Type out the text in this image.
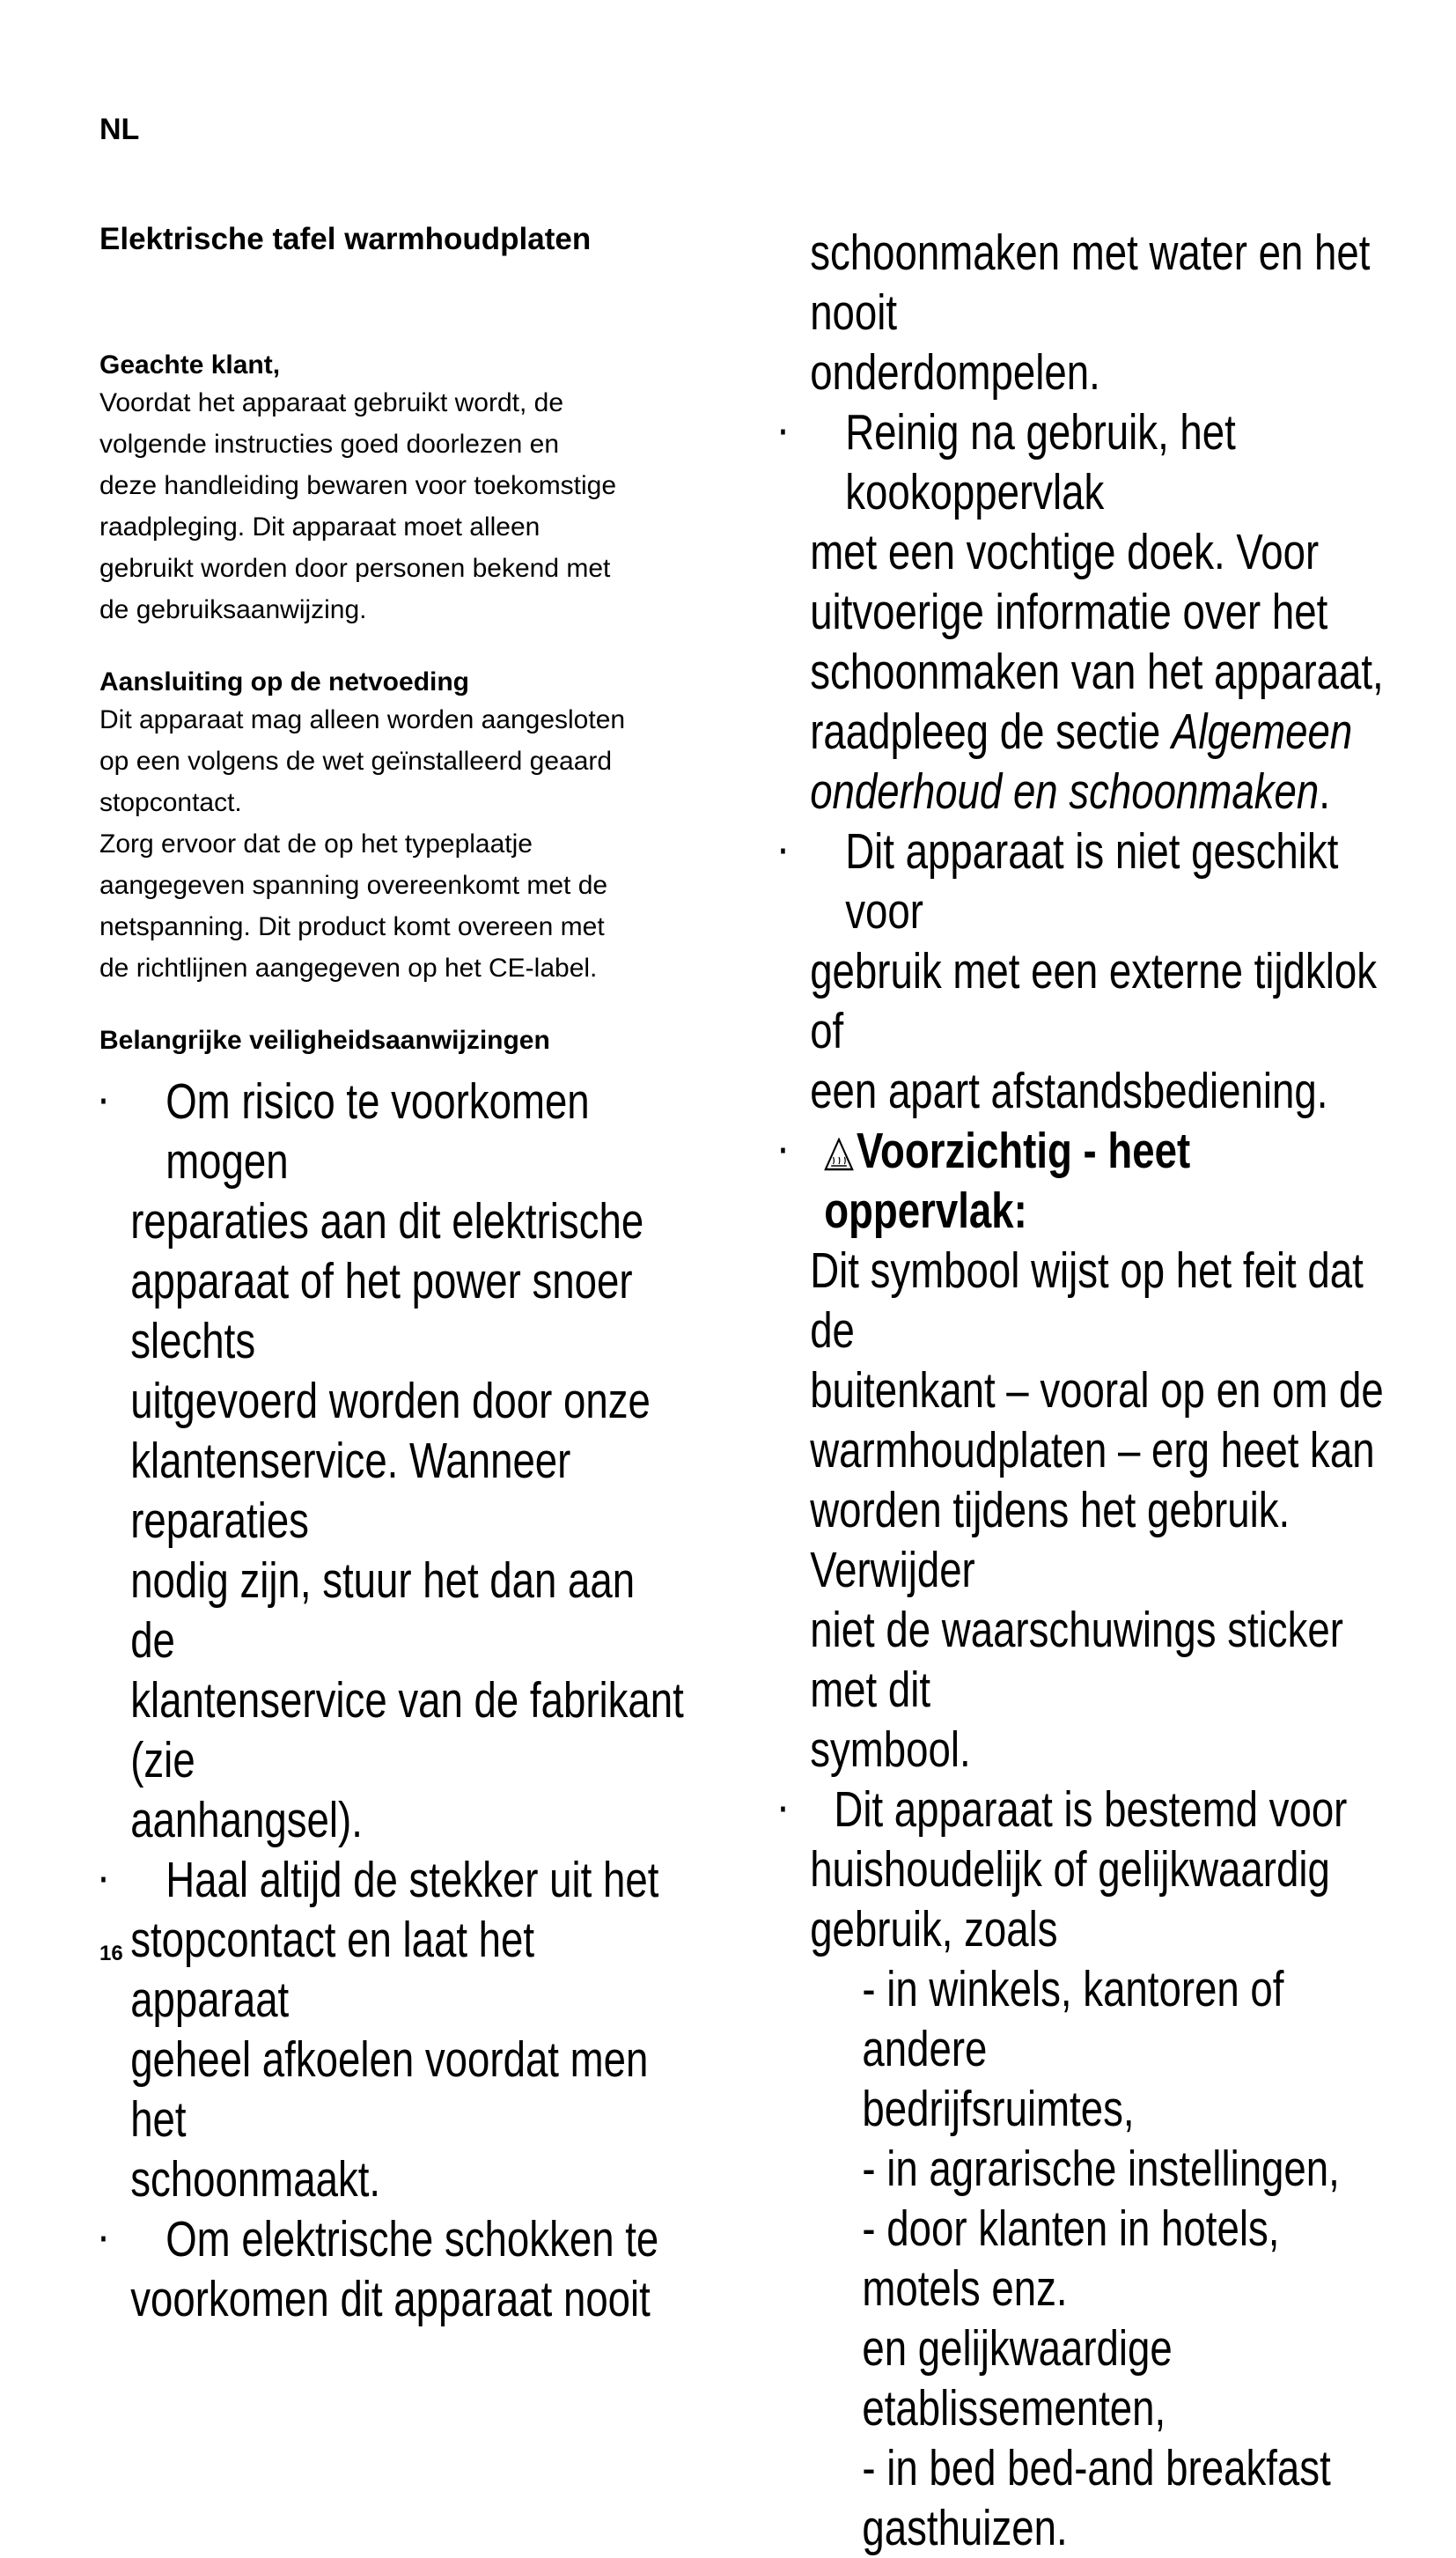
NL
Elektrische tafel warmhoudplaten

Geachte klant,

Voordat het apparaat gebruikt wordt, de

volgende instructies goed doorlezen en

deze handleiding bewaren voor toekomstige

raadpleging. Dit apparaat moet alleen

gebruikt worden door personen bekend met

de gebruiksaanwijzing.

Aansluiting op de netvoeding

Dit apparaat mag alleen worden aangesloten

op een volgens de wet geïnstalleerd geaard

stopcontact.

Zorg ervoor dat de op het typeplaatje

aangegeven spanning overeenkomt met de

netspanning. Dit product komt overeen met

de richtlijnen aangegeven op het CE-label.

Belangrijke veiligheidsaanwijzingen

· Om risico te voorkomen mogen
reparaties aan dit elektrische
apparaat of het power snoer slechts
uitgevoerd worden door onze
klantenservice. Wanneer reparaties
nodig zijn, stuur het dan aan de
klantenservice van de fabrikant (zie
aanhangsel).
· Haal altijd de stekker uit het
stopcontact en laat het apparaat
geheel afkoelen voordat men het
schoonmaakt.
· Om elektrische schokken te
voorkomen dit apparaat nooit
16
schoonmaken met water en het nooit
onderdompelen.
· Reinig na gebruik, het kookoppervlak
met een vochtige doek. Voor
uitvoerige informatie over het
schoonmaken van het apparaat,
raadpleeg de sectie Algemeen
onderhoud en schoonmaken.
· Dit apparaat is niet geschikt voor
gebruik met een externe tijdklok of
een apart afstandsbediening.
· Voorzichtig - heet oppervlak:
Dit symbool wijst op het feit dat de
buitenkant – vooral op en om de
warmhoudplaten – erg heet kan
worden tijdens het gebruik. Verwijder
niet de waarschuwings sticker met dit
symbool.
· Dit apparaat is bestemd voor
huishoudelijk of gelijkwaardig
gebruik, zoals
- in winkels, kantoren of andere
bedrijfsruimtes,
- in agrarische instellingen,
- door klanten in hotels, motels enz.
en gelijkwaardige etablissementen,
- in bed bed-and breakfast
gasthuizen.
